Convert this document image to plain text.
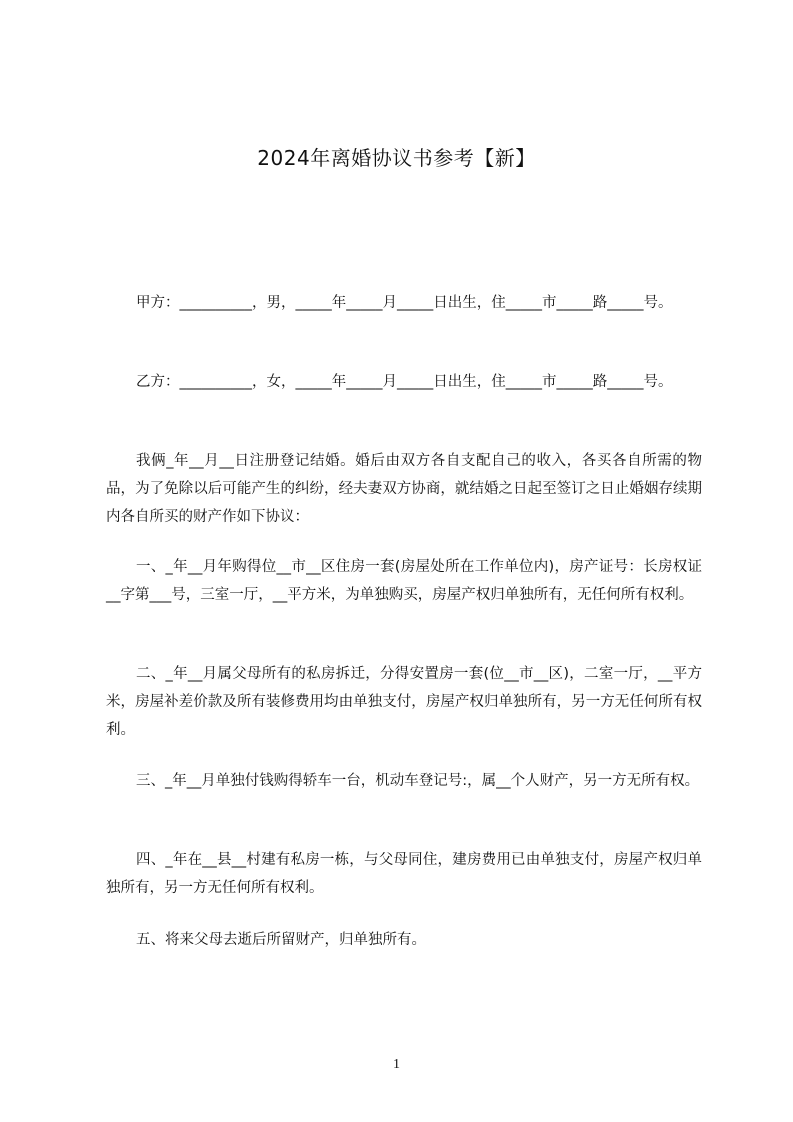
2024年离婚协议书参考【新】
甲方：__________，男，_____年_____月_____日出生，住_____市_____路_____号。
乙方：__________，女，_____年_____月_____日出生，住_____市_____路_____号。
我俩_年__月__日注册登记结婚。婚后由双方各自支配自己的收入，各买各自所需的物品，为了免除以后可能产生的纠纷，经夫妻双方协商，就结婚之日起至签订之日止婚姻存续期内各自所买的财产作如下协议：
一、_年__月年购得位__市__区住房一套(房屋处所在工作单位内)，房产证号：长房权证__字第___号，三室一厅，__平方米，为单独购买，房屋产权归单独所有，无任何所有权利。
二、_年__月属父母所有的私房拆迁，分得安置房一套(位__市__区)，二室一厅，__平方米，房屋补差价款及所有装修费用均由单独支付，房屋产权归单独所有，另一方无任何所有权利。
三、_年__月单独付钱购得轿车一台，机动车登记号:，属__个人财产，另一方无所有权。
四、_年在__县__村建有私房一栋，与父母同住，建房费用已由单独支付，房屋产权归单独所有，另一方无任何所有权利。
五、将来父母去逝后所留财产，归单独所有。
1
